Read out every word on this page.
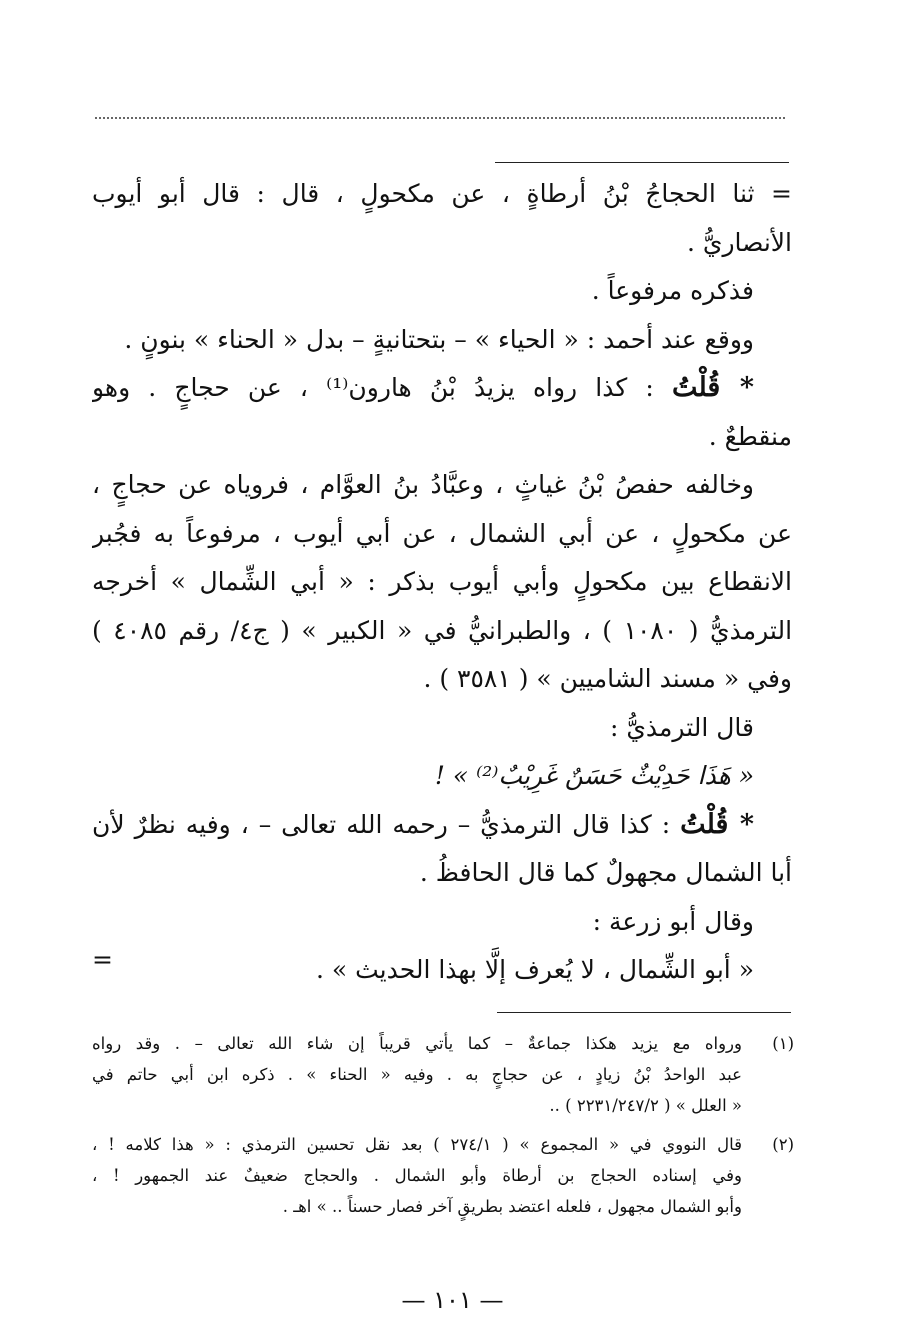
= ثنا الحجاجُ بْنُ أرطاةٍ ، عن مكحولٍ ، قال : قال أبو أيوب
الأنصاريُّ .
فذكره مرفوعاً .
ووقع عند أحمد : « الحياء » – بتحتانيةٍ – بدل « الحناء » بنونٍ .
* قُلْتُ : كذا رواه يزيدُ بْنُ هارون⁽¹⁾ ، عن حجاجٍ . وهو
منقطعٌ .
وخالفه حفصُ بْنُ غياثٍ ، وعبَّادُ بنُ العوَّام ، فروياه عن حجاجٍ ،
عن مكحولٍ ، عن أبي الشمال ، عن أبي أيوب ، مرفوعاً به فجُبر
الانقطاع بين مكحولٍ وأبي أيوب بذكر : « أبي الشِّمال » أخرجه
الترمذيُّ ( ١٠٨٠ ) ، والطبرانيُّ في « الكبير » ( ج٤/ رقم ٤٠٨٥ )
وفي « مسند الشاميين » ( ٣٥٨١ ) .
قال الترمذيُّ :
« هَذَا حَدِيْثٌ حَسَنٌ غَرِيْبٌ⁽²⁾ » !
* قُلْتُ : كذا قال الترمذيُّ – رحمه الله تعالى – ، وفيه نظرٌ لأن
أبا الشمال مجهولٌ كما قال الحافظُ .
وقال أبو زرعة :
« أبو الشِّمال ، لا يُعرف إلَّا بهذا الحديث » .
=
(١)
ورواه مع يزيد هكذا جماعةٌ – كما يأتي قريباً إن شاء الله تعالى – . وقد رواه
عبد الواحدُ بْنُ زيادٍ ، عن حجاجٍ به . وفيه « الحناء » . ذكره ابن أبي حاتم في
« العلل » ( ٢٢٣١/٢٤٧/٢ ) ..
(٢)
قال النووي في « المجموع » ( ٢٧٤/١ ) بعد نقل تحسين الترمذي : « هذا كلامه ! ،
وفي إسناده الحجاج بن أرطاة وأبو الشمال . والحجاج ضعيفٌ عند الجمهور ! ،
وأبو الشمال مجهول ، فلعله اعتضد بطريقٍ آخر فصار حسناً .. » اهـ .
— ١٠١ —
